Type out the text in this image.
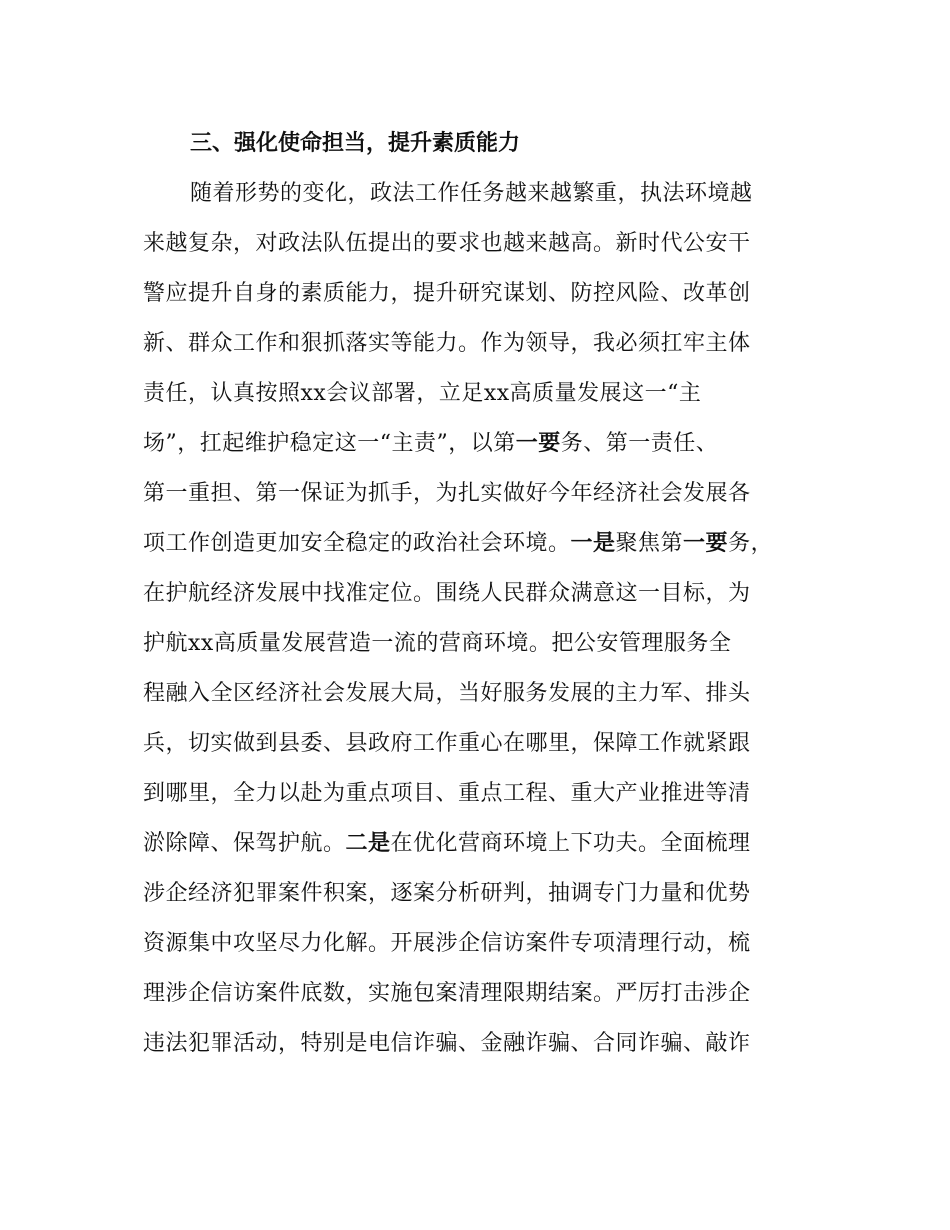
三、强化使命担当，提升素质能力
随着形势的变化，政法工作任务越来越繁重，执法环境越
来越复杂，对政法队伍提出的要求也越来越高。新时代公安干
警应提升自身的素质能力，提升研究谋划、防控风险、改革创
新、群众工作和狠抓落实等能力。作为领导，我必须扛牢主体
责任，认真按照xx会议部署，立足xx高质量发展这一“主
场”，扛起维护稳定这一“主责”，以第一要务、第一责任、
第一重担、第一保证为抓手，为扎实做好今年经济社会发展各
项工作创造更加安全稳定的政治社会环境。一是聚焦第一要务，
在护航经济发展中找准定位。围绕人民群众满意这一目标，为
护航xx高质量发展营造一流的营商环境。把公安管理服务全
程融入全区经济社会发展大局，当好服务发展的主力军、排头
兵，切实做到县委、县政府工作重心在哪里，保障工作就紧跟
到哪里，全力以赴为重点项目、重点工程、重大产业推进等清
淤除障、保驾护航。二是在优化营商环境上下功夫。全面梳理
涉企经济犯罪案件积案，逐案分析研判，抽调专门力量和优势
资源集中攻坚尽力化解。开展涉企信访案件专项清理行动，梳
理涉企信访案件底数，实施包案清理限期结案。严厉打击涉企
违法犯罪活动，特别是电信诈骗、金融诈骗、合同诈骗、敲诈
